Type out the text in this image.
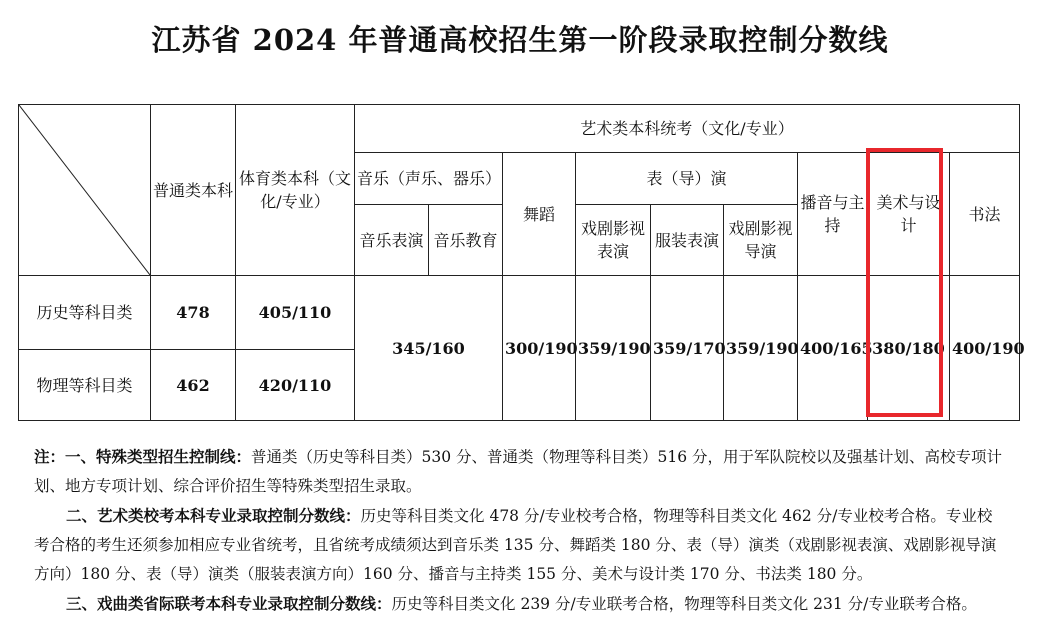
江苏省 2024 年普通高校招生第一阶段录取控制分数线
	普通类本科	体育类本科（文化/专业）	艺术类本科统考（文化/专业）								
			音乐（声乐、器乐）		舞蹈	表（导）演			播音与主持	美术与设计	书法
			音乐表演	音乐教育		戏剧影视表演	服装表演	戏剧影视导演			
历史等科目类	478	405/110	345/160		300/190	359/190	359/170	359/190	400/165	380/180	400/190
物理等科目类	462	420/110									

注：一、特殊类型招生控制线：普通类（历史等科目类）530 分、普通类（物理等科目类）516 分，用于军队院校以及强基计划、高校专项计划、地方专项计划、综合评价招生等特殊类型招生录取。

二、艺术类校考本科专业录取控制分数线：历史等科目类文化 478 分/专业校考合格，物理等科目类文化 462 分/专业校考合格。专业校考合格的考生还须参加相应专业省统考，且省统考成绩须达到音乐类 135 分、舞蹈类 180 分、表（导）演类（戏剧影视表演、戏剧影视导演方向）180 分、表（导）演类（服装表演方向）160 分、播音与主持类 155 分、美术与设计类 170 分、书法类 180 分。

三、戏曲类省际联考本科专业录取控制分数线：历史等科目类文化 239 分/专业联考合格，物理等科目类文化 231 分/专业联考合格。
